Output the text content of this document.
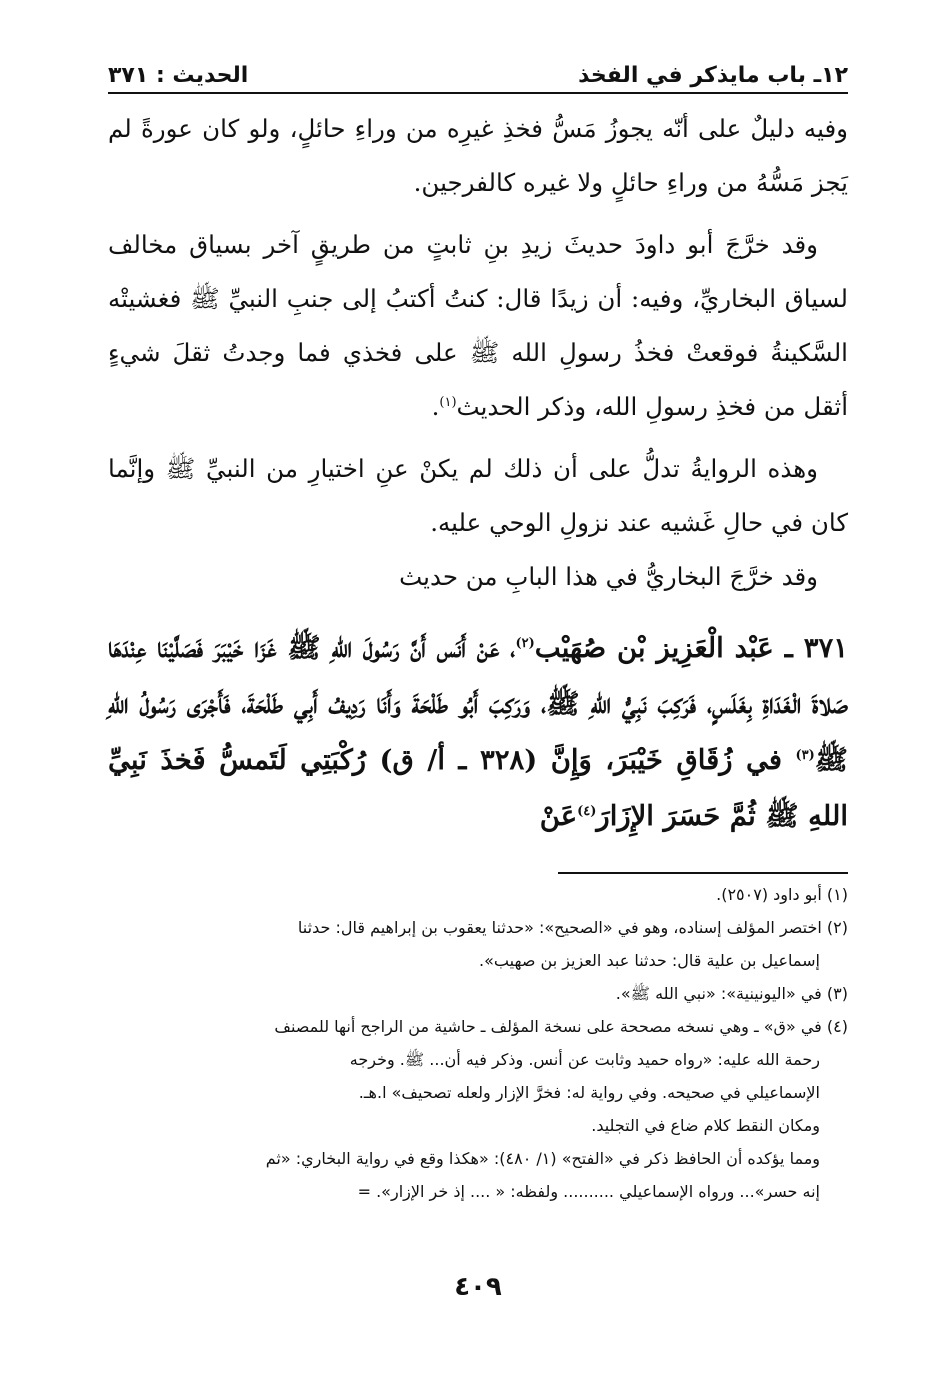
١٢ـ باب مايذكر في الفخذ
الحديث : ٣٧١

وفيه دليلٌ على أنّه يجوزُ مَسُّ فخذِ غيرِه من وراءِ حائلٍ، ولو كان عورةً لم يَجز مَسُّهُ من وراءِ حائلٍ ولا غيره كالفرجين.

وقد خرَّجَ أبو داودَ حديثَ زيدِ بنِ ثابتٍ من طريقٍ آخر بسياق مخالف لسياق البخاريِّ، وفيه: أن زيدًا قال: كنتُ أكتبُ إلى جنبِ النبيِّ ﷺ فغشيتْه السَّكينةُ فوقعتْ فخذُ رسولِ الله ﷺ على فخذي فما وجدتُ ثقلَ شيءٍ أثقل من فخذِ رسولِ الله، وذكر الحديث$^{(١)}$.

وهذه الروايةُ تدلُّ على أن ذلك لم يكنْ عنِ اختيارِ من النبيِّ ﷺ وإنَّما كان في حالِ غَشيه عند نزولِ الوحي عليه.

وقد خرَّجَ البخاريُّ في هذا البابِ من حديث

٣٧١ ـ عَبْد الْعَزِيز بْن صُهَيْب$^{(٢)}$، عَنْ أَنَس أَنَّ رَسُولَ اللهِ ﷺ غَزَا خَيْبَرَ فَصَلَّيْنَا عِنْدَهَا صَلاةَ الْغَدَاةِ بِغَلَسٍ، فَرَكِبَ نَبِيُّ اللهِ ﷺ، وَرَكِبَ أَبُو طَلْحَةَ وَأَنَا رَدِيفُ أَبِي طَلْحَةَ، فَأَجْرَى رَسُولُ اللهِ ﷺ$^{(٣)}$ في زُقَاقِ خَيْبَرَ، وَإِنَّ (٣٢٨ ـ أ/ ق) رُكْبَتِي لَتَمسُّ فَخذَ نَبِيِّ اللهِ ﷺ ثُمَّ حَسَرَ الإِزَارَ$^{(٤)}$عَنْ

(١) أبو داود (٢٥٠٧).

(٢) اختصر المؤلف إسناده، وهو في «الصحيح»: «حدثنا يعقوب بن إبراهيم قال: حدثنا
إسماعيل بن علية قال: حدثنا عبد العزيز بن صهيب».

(٣) في «اليونينية»: «نبي الله ﷺ».

(٤) في «ق» ـ وهي نسخه مصححة على نسخة المؤلف ـ حاشية من الراجح أنها للمصنف
رحمة الله عليه: «رواه حميد وثابت عن أنس. وذكر فيه أن... ﷺ. وخرجه
الإسماعيلي في صحيحه. وفي رواية له: فخرَّ الإزار ولعله تصحيف» ا.هـ.
ومكان النقط كلام ضاع في التجليد.
ومما يؤكده أن الحافظ ذكر في «الفتح» (١/ ٤٨٠): «هكذا وقع في رواية البخاري: «ثم
إنه حسر»... ورواه الإسماعيلي .......... ولفظه: « .... إذ خر الإزار». =

٤٠٩
